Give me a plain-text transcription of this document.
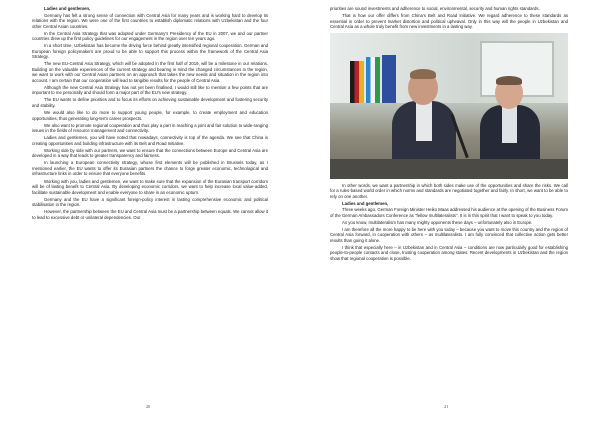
Ladies and gentlemen,

Germany has felt a strong sense of connection with Central Asia for many years and is working hard to develop its relations with the region. We were one of the first countries to establish diplomatic relations with Uzbekistan and the four other Central Asian countries.

In the Central Asia Strategy that was adopted under Germany's Presidency of the EU in 2007, we and our partner countries drew up the first policy guidelines for our engagement in the region over ten years ago.

In a short time, Uzbekistan has become the driving force behind greatly intensified regional cooperation. German and European foreign policymakers are proud to be able to support this process within the framework of the Central Asia Strategy.

The new EU-Central Asia Strategy, which will be adopted in the first half of 2019, will be a milestone in our relations. Building on the valuable experiences of the current strategy and bearing in mind the changed circumstances in the region, we want to work with our Central Asian partners on an approach that takes the new needs and situation in the region into account. I am certain that our cooperation will lead to tangible results for the people of Central Asia.

Although the new Central Asia Strategy has not yet been finalised, I would still like to mention a few points that are important to me personally and should form a major part of the EU's new strategy.

The EU wants to define priorities and to focus its efforts on achieving sustainable development and fostering security and stability.

We would also like to do more to support young people, for example, to create employment and education opportunities, thus generating long-term career prospects.

We also want to promote regional cooperation and thus play a part in reaching a joint and fair solution to wide-ranging issues in the fields of resource management and connectivity.

Ladies and gentlemen, you will have noted that nowadays, connectivity is top of the agenda. We see that China is creating opportunities and building infrastructure with its Belt and Road Initiative.

Working side by side with our partners, we want to ensure that the connections between Europe and Central Asia are developed in a way that leads to greater transparency and fairness.

In launching a European connectivity strategy, whose first elements will be published in Brussels today, as I mentioned earlier, the EU wants to offer its Eurasian partners the chance to forge greater economic, technological and infrastructure links in order to ensure that everyone benefits.

Working with you, ladies and gentlemen, we want to make sure that the expansion of the Eurasian transport corridors will be of lasting benefit to Central Asia. By developing economic corridors, we want to help increase local value-added, facilitate sustainable development and enable everyone to share in an economic upturn.

Germany and the EU have a significant foreign-policy interest in lasting comprehensive economic and political stabilisation in the region.

However, the partnership between the EU and Central Asia must be a partnership between equals. We cannot allow it to lead to excessive debt or unilateral dependencies. Our

20

priorities are sound investments and adherence to social, environmental, security and human rights standards.

That is how our offer differs from China's Belt and Road Initiative. We regard adherence to these standards as essential in order to prevent market distortion and political upheaval. Only in this way will the people in Uzbekistan and Central Asia as a whole truly benefit from new investments in a lasting way.

In other words, we want a partnership in which both sides make use of the opportunities and share the risks. We call for a rules-based world order in which norms and standards are negotiated together and fairly. In short, we want to be able to rely on one another.

Ladies and gentlemen,

Three weeks ago, German Foreign Minister Heiko Maas addressed his audience at the opening of the Business Forum of the German Ambassadors Conference as "fellow multilateralists". It is in this spirit that I want to speak to you today.

As you know, multilateralism has many mighty opponents these days – unfortunately also in Europe.

I am therefore all the more happy to be here with you today – because you want to move this country and the region of Central Asia forward, in cooperation with others – as multilateralists. I am fully convinced that collective action gets better results than going it alone.

I think that especially here – in Uzbekistan and in Central Asia – conditions are now particularly good for establishing people-to-people contacts and close, trusting cooperation among states. Recent developments in Uzbekistan and the region show that regional cooperation is possible.

21
